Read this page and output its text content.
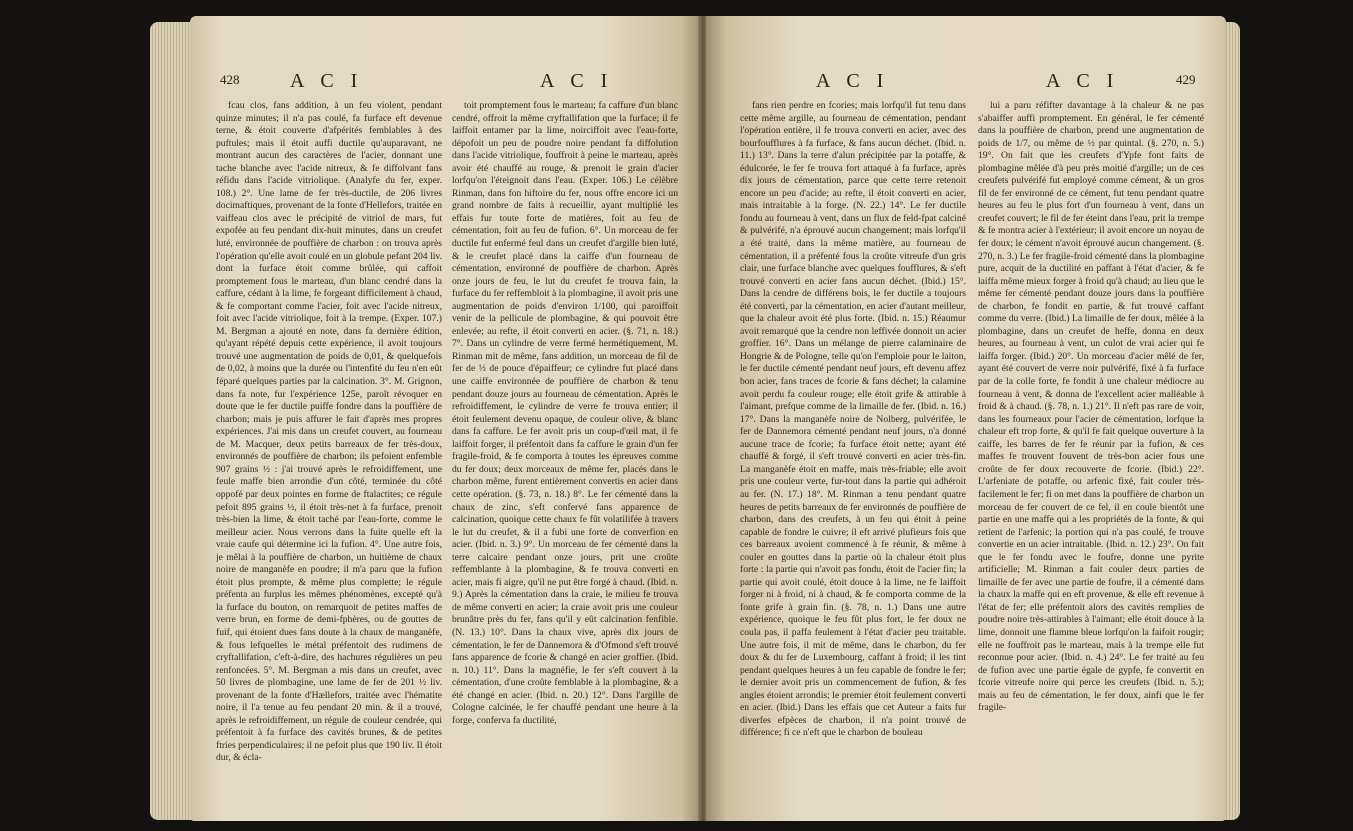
428	A C I	A C I

fcau clos, fans addition, à un feu violent, pendant quinze minutes; il n'a pas coulé, fa furface eft devenue terne, & étoit couverte d'afpérités femblables à des puftules; mais il étoit auffi ductile qu'auparavant, ne montrant aucun des caractères de l'acier, donnant une tache blanche avec l'acide nitreux, & fe diffolvant fans réfidu dans l'acide vitriolique. (Analyfe du fer, exper. 108.) 2°. Une lame de fer très-ductile, de 206 livres docimaftiques, provenant de la fonte d'Hellefors, traitée en vaiffeau clos avec le précipité de vitriol de mars, fut expofée au feu pendant dix-huit minutes, dans un creufet luté, environnée de pouffière de charbon : on trouva après l'opération qu'elle avoit coulé en un globule pefant 204 liv. dont la furface étoit comme brûlée, qui caffoit promptement fous le marteau, d'un blanc cendré dans la caffure, cédant à la lime, fe forgeant difficilement à chaud, & fe comportant comme l'acier, foit avec l'acide nitreux, foit avec l'acide vitriolique, foit à la trempe. (Exper. 107.) M. Bergman a ajouté en note, dans fa dernière édition, qu'ayant répété depuis cette expérience, il avoit toujours trouvé une augmentation de poids de 0,01, & quelquefois de 0,02, à moins que la durée ou l'intenfité du feu n'en eût féparé quelques parties par la calcination. 3°. M. Grignon, dans fa note, fur l'expérience 125e, paroît révoquer en doute que le fer ductile puiffe fondre dans la pouffière de charbon; mais je puis affurer le fait d'après mes propres expériences. J'ai mis dans un creufet couvert, au fourneau de M. Macquer, deux petits barreaux de fer très-doux, environnés de pouffière de charbon; ils pefoient enfemble 907 grains ½ : j'ai trouvé après le refroidiffement, une feule maffe bien arrondie d'un côté, terminée du côté oppofé par deux pointes en forme de ftalactites; ce régule pefoit 895 grains ½, il étoit très-net à fa furface, prenoit très-bien la lime, & étoit taché par l'eau-forte, comme le meilleur acier. Nous verrons dans la fuite quelle eft la vraie caufe qui détermine ici la fufion. 4°. Une autre fois, je mêlai à la pouffière de charbon, un huitième de chaux noire de manganèfe en poudre; il m'a paru que la fufion étoit plus prompte, & même plus complette; le régule préfenta au furplus les mêmes phénomènes, excepté qu'à la furface du bouton, on remarquoit de petites maffes de verre brun, en forme de demi-fphères, ou de gouttes de fuif, qui étoient dues fans doute à la chaux de manganèfe, & fous lefquelles le métal préfentoit des rudimens de cryftallifation, c'eft-à-dire, des hachures régulières un peu renfoncées. 5°. M. Bergman a mis dans un creufet, avec 50 livres de plombagine, une lame de fer de 201 ½ liv. provenant de la fonte d'Hællefors, traitée avec l'hématite noire, il l'a tenue au feu pendant 20 min. & il a trouvé, après le refroidiffement, un régule de couleur cendrée, qui préfentoit à fa furface des cavités brunes, & de petites ftries perpendiculaires; il ne pefoit plus que 190 liv. Il étoit dur, & écla-

toit promptement fous le marteau; fa caffure d'un blanc cendré, offroit la même cryftallifation que la furface; il fe laiffoit entamer par la lime, noirciffoit avec l'eau-forte, dépofoit un peu de poudre noire pendant fa diffolution dans l'acide vitriolique, fouffroit à peine le marteau, après avoir été chauffé au rouge, & prenoit le grain d'acier lorfqu'on l'éteignoit dans l'eau. (Exper. 106.) Le célèbre Rinman, dans fon hiftoire du fer, nous offre encore ici un grand nombre de faits à recueillir, ayant multiplié les effais fur toute forte de matières, foit au feu de cémentation, foit au feu de fufion. 6°. Un morceau de fer ductile fut enfermé feul dans un creufet d'argille bien luté, & le creufet placé dans la caiffe d'un fourneau de cémentation, environné de pouffière de charbon. Après onze jours de feu, le lut du creufet fe trouva fain, la furface du fer reffembloit à la plombagine, il avoit pris une augmentation de poids d'environ 1/100, qui paroiffoit venir de la pellicule de plombagine, & qui pouvoit être enlevée; au refte, il étoit converti en acier. (§. 71, n. 18.) 7°. Dans un cylindre de verre fermé hermétiquement, M. Rinman mit de même, fans addition, un morceau de fil de fer de ⅓ de pouce d'épaiffeur; ce cylindre fut placé dans une caiffe environnée de pouffière de charbon & tenu pendant douze jours au fourneau de cémentation. Après le refroidiffement, le cylindre de verre fe trouva entier; il étoit feulement devenu opaque, de couleur olive, & blanc dans fa caffure. Le fer avoit pris un coup-d'œil mat, il fe laiffoit forger, il préfentoit dans fa caffure le grain d'un fer fragile-froid, & fe comporta à toutes les épreuves comme du fer doux; deux morceaux de même fer, placés dans le charbon même, furent entièrement convertis en acier dans cette opération. (§. 73, n. 18.) 8°. Le fer cémenté dans la chaux de zinc, s'eft confervé fans apparence de calcination, quoique cette chaux fe fût volatilifée à travers le lut du creufet, & il a fubi une forte de converfion en acier. (Ibid. n. 3.) 9°. Un morceau de fer cémenté dans la terre calcaire pendant onze jours, prit une croûte reffemblante à la plombagine, & fe trouva converti en acier, mais fi aigre, qu'il ne put être forgé à chaud. (Ibid. n. 9.) Après la cémentation dans la craie, le milieu fe trouva de même converti en acier; la craie avoit pris une couleur brunâtre près du fer, fans qu'il y eût calcination fenfible. (N. 13.) 10°. Dans la chaux vive, après dix jours de cémentation, le fer de Dannemora & d'Ofmond s'eft trouvé fans apparence de fcorie & changé en acier groffier. (Ibid. n. 10.) 11°. Dans la magnéfie, le fer s'eft couvert à la cémentation, d'une croûte femblable à la plombagine, & a été changé en acier. (Ibid. n. 20.) 12°. Dans l'argille de Cologne calcinée, le fer chauffé pendant une heure à la forge, conferva fa ductilité,

A C I	A C I	429

fans rien perdre en fcories; mais lorfqu'il fut tenu dans cette même argille, au fourneau de cémentation, pendant l'opération entière, il fe trouva converti en acier, avec des bourfoufflures à fa furface, & fans aucun déchet. (Ibid. n. 11.) 13°. Dans la terre d'alun précipitée par la potaffe, & édulcorée, le fer fe trouva fort attaqué à fa furface, après dix jours de cémentation, parce que cette terre retenoit encore un peu d'acide; au refte, il étoit converti en acier, mais intraitable à la forge. (N. 22.) 14°. Le fer ductile fondu au fourneau à vent, dans un flux de feld-fpat calciné & pulvérifé, n'a éprouvé aucun changement; mais lorfqu'il a été traité, dans la même matière, au fourneau de cémentation, il a préfenté fous la croûte vitreufe d'un gris clair, une furface blanche avec quelques foufflures, & s'eft trouvé converti en acier fans aucun déchet. (Ibid.) 15°. Dans la cendre de différens bois, le fer ductile a toujours été converti, par la cémentation, en acier d'autant meilleur, que la chaleur avoit été plus forte. (Ibid. n. 15.) Réaumur avoit remarqué que la cendre non leffivée donnoit un acier groffier. 16°. Dans un mélange de pierre calaminaire de Hongrie & de Pologne, telle qu'on l'emploie pour le laiton, le fer ductile cémenté pendant neuf jours, eft devenu affez bon acier, fans traces de fcorie & fans déchet; la calamine avoit perdu fa couleur rouge; elle étoit grife & attirable à l'aimant, prefque comme de la limaille de fer. (Ibid. n. 16.) 17°. Dans la manganèfe noire de Nolberg, pulvérifée, le fer de Dannemora cémenté pendant neuf jours, n'a donné aucune trace de fcorie; fa furface étoit nette; ayant été chauffé & forgé, il s'eft trouvé converti en acier très-fin. La manganèfe étoit en maffe, mais très-friable; elle avoit pris une couleur verte, fur-tout dans la partie qui adhéroit au fer. (N. 17.) 18°. M. Rinman a tenu pendant quatre heures de petits barreaux de fer environnés de pouffière de charbon, dans des creufets, à un feu qui étoit à peine capable de fondre le cuivre; il eft arrivé plufieurs fois que ces barreaux avoient commencé à fe réunir, & même à couler en gouttes dans la partie où la chaleur étoit plus forte : la partie qui n'avoit pas fondu, étoit de l'acier fin; la partie qui avoit coulé, étoit douce à la lime, ne fe laiffoit forger ni à froid, ni à chaud, & fe comporta comme de la fonte grife à grain fin. (§. 78, n. 1.) Dans une autre expérience, quoique le feu fût plus fort, le fer doux ne coula pas, il paffa feulement à l'état d'acier peu traitable. Une autre fois, il mit de même, dans le charbon, du fer doux & du fer de Luxembourg, caffant à froid; il les tint pendant quelques heures à un feu capable de fondre le fer; le dernier avoit pris un commencement de fufion, & fes angles étoient arrondis; le premier étoit feulement converti en acier. (Ibid.) Dans les effais que cet Auteur a faits fur diverfes efpèces de charbon, il n'a point trouvé de différence; fi ce n'eft que le charbon de bouleau

lui a paru réfifter davantage à la chaleur & ne pas s'abaiffer auffi promptement. En général, le fer cémenté dans la pouffière de charbon, prend une augmentation de poids de 1/7, ou même de ½ par quintal. (§. 270, n. 5.) 19°. On fait que les creufets d'Ypfe font faits de plombagine mêlée d'à peu près moitié d'argille; un de ces creufets pulvérifé fut employé comme cément, & un gros fil de fer environné de ce cément, fut tenu pendant quatre heures au feu le plus fort d'un fourneau à vent, dans un creufet couvert; le fil de fer éteint dans l'eau, prit la trempe & fe montra acier à l'extérieur; il avoit encore un noyau de fer doux; le cément n'avoit éprouvé aucun changement. (§. 270, n. 3.) Le fer fragile-froid cémenté dans la plombagine pure, acquit de la ductilité en paffant à l'état d'acier, & fe laiffa même mieux forger à froid qu'à chaud; au lieu que le même fer cémenté pendant douze jours dans la pouffière de charbon, fe fondit en partie, & fut trouvé caffant comme du verre. (Ibid.) La limaille de fer doux, mêlée à la plombagine, dans un creufet de heffe, donna en deux heures, au fourneau à vent, un culot de vrai acier qui fe laiffa forger. (Ibid.) 20°. Un morceau d'acier mêlé de fer, ayant été couvert de verre noir pulvérifé, fixé à fa furface par de la colle forte, fe fondit à une chaleur médiocre au fourneau à vent, & donna de l'excellent acier malléable à froid & à chaud. (§. 78, n. 1.) 21°. Il n'eft pas rare de voir, dans les fourneaux pour l'acier de cémentation, lorfque la chaleur eft trop forte, & qu'il fe fait quelque ouverture à la caiffe, les barres de fer fe réunir par la fufion, & ces maffes fe trouvent fouvent de très-bon acier fous une croûte de fer doux recouverte de fcorie. (Ibid.) 22°. L'arfeniate de potaffe, ou arfenic fixé, fait couler très-facilement le fer; fi on met dans la pouffière de charbon un morceau de fer couvert de ce fel, il en coule bientôt une partie en une maffe qui a les propriétés de la fonte, & qui retient de l'arfenic; la portion qui n'a pas coulé, fe trouve convertie en un acier intraitable. (Ibid. n. 12.) 23°. On fait que le fer fondu avec le foufre, donne une pyrite artificielle; M. Rinman a fait couler deux parties de limaille de fer avec une partie de foufre, il a cémenté dans la chaux la maffe qui en eft provenue, & elle eft revenue à l'état de fer; elle préfentoit alors des cavités remplies de poudre noire très-attirables à l'aimant; elle étoit douce à la lime, donnoit une flamme bleue lorfqu'on la faifoit rougir; elle ne fouffroit pas le marteau, mais à la trempe elle fut reconnue pour acier. (Ibid. n. 4.) 24°. Le fer traité au feu de fufion avec une partie égale de gypfe, fe convertit en fcorie vitreufe noire qui perce les creufets (Ibid. n. 5.); mais au feu de cémentation, le fer doux, ainfi que le fer fragile-
